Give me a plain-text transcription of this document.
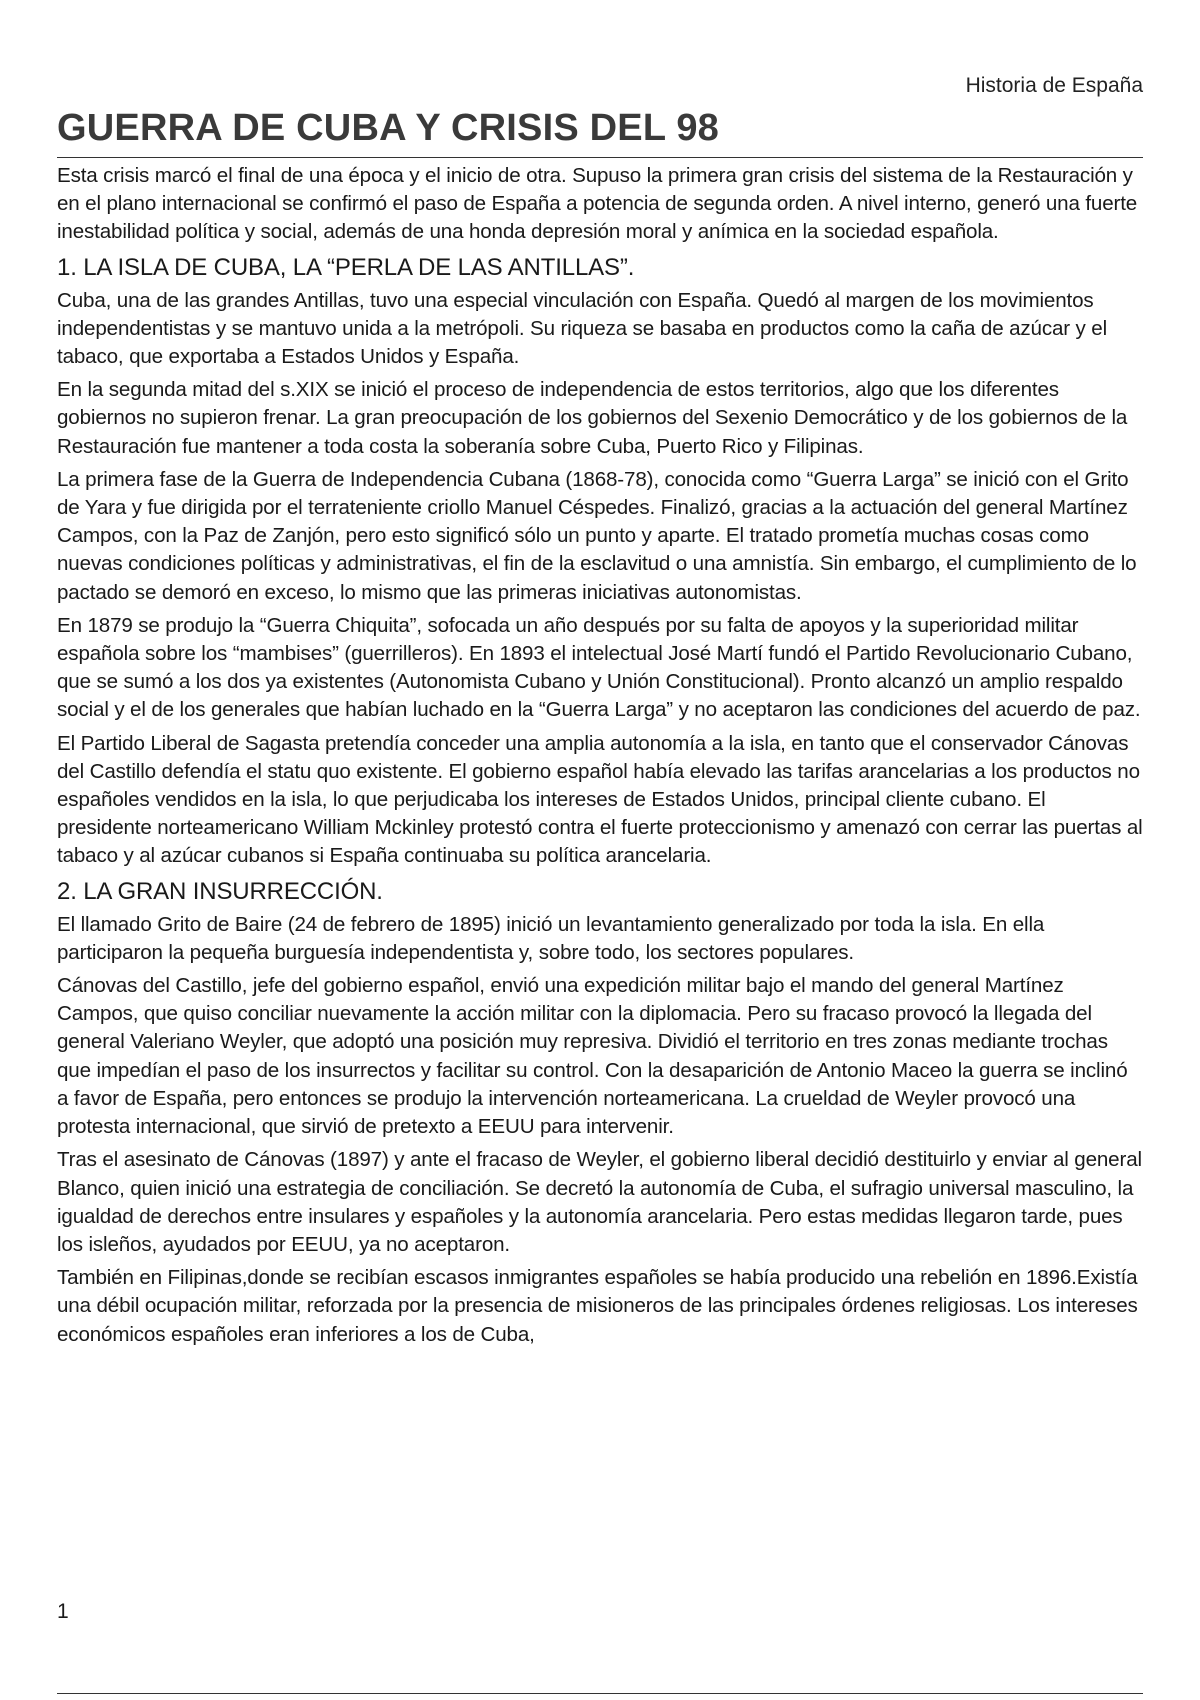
Historia de España
GUERRA DE CUBA Y CRISIS DEL 98

Esta crisis marcó el final de una época y el inicio de otra. Supuso la primera gran crisis del sistema de la Restauración y en el plano internacional se confirmó el paso de España a potencia de segunda orden. A nivel interno, generó una fuerte inestabilidad política y social, además de una honda depresión moral y anímica en la sociedad española.

1. LA ISLA DE CUBA, LA “PERLA DE LAS ANTILLAS”.

Cuba, una de las grandes Antillas, tuvo una especial vinculación con España. Quedó al margen de los movimientos independentistas y se mantuvo unida a la metrópoli. Su riqueza se basaba en productos como la caña de azúcar y el tabaco, que exportaba a Estados Unidos y España.

En la segunda mitad del s.XIX se inició el proceso de independencia de estos territorios, algo que los diferentes gobiernos no supieron frenar. La gran preocupación de los gobiernos del Sexenio Democrático y de los gobiernos de la Restauración fue mantener a toda costa la soberanía sobre Cuba, Puerto Rico y Filipinas.

La primera fase de la Guerra de Independencia Cubana (1868-78), conocida como “Guerra Larga” se inició con el Grito de Yara y fue dirigida por el terrateniente criollo Manuel Céspedes. Finalizó, gracias a la actuación del general Martínez Campos, con la Paz de Zanjón, pero esto significó sólo un punto y aparte. El tratado prometía muchas cosas como nuevas condiciones políticas y administrativas, el fin de la esclavitud o una amnistía. Sin embargo, el cumplimiento de lo pactado se demoró en exceso, lo mismo que las primeras iniciativas autonomistas.

En 1879 se produjo la “Guerra Chiquita”, sofocada un año después por su falta de apoyos y la superioridad militar española sobre los “mambises” (guerrilleros). En 1893 el intelectual José Martí fundó el Partido Revolucionario Cubano, que se sumó a los dos ya existentes (Autonomista Cubano y Unión Constitucional). Pronto alcanzó un amplio respaldo social y el de los generales que habían luchado en la “Guerra Larga” y no aceptaron las condiciones del acuerdo de paz.

El Partido Liberal de Sagasta pretendía conceder una amplia autonomía a la isla, en tanto que el conservador Cánovas del Castillo defendía el statu quo existente. El gobierno español había elevado las tarifas arancelarias a los productos no españoles vendidos en la isla, lo que perjudicaba los intereses de Estados Unidos, principal cliente cubano. El presidente norteamericano William Mckinley protestó contra el fuerte proteccionismo y amenazó con cerrar las puertas al tabaco y al azúcar cubanos si España continuaba su política arancelaria.

2. LA GRAN INSURRECCIÓN.

El llamado Grito de Baire (24 de febrero de 1895) inició un levantamiento generalizado por toda la isla. En ella participaron la pequeña burguesía independentista y, sobre todo, los sectores populares.

Cánovas del Castillo, jefe del gobierno español, envió una expedición militar bajo el mando del general Martínez Campos, que quiso conciliar nuevamente la acción militar con la diplomacia. Pero su fracaso provocó la llegada del general Valeriano Weyler, que adoptó una posición muy represiva. Dividió el territorio en tres zonas mediante trochas que impedían el paso de los insurrectos y facilitar su control. Con la desaparición de Antonio Maceo la guerra se inclinó a favor de España, pero entonces se produjo la intervención norteamericana. La crueldad de Weyler provocó una protesta internacional, que sirvió de pretexto a EEUU para intervenir.

Tras el asesinato de Cánovas (1897) y ante el fracaso de Weyler, el gobierno liberal decidió destituirlo y enviar al general Blanco, quien inició una estrategia de conciliación. Se decretó la autonomía de Cuba, el sufragio universal masculino, la igualdad de derechos entre insulares y españoles y la autonomía arancelaria. Pero estas medidas llegaron tarde, pues los isleños, ayudados por EEUU, ya no aceptaron.

También en Filipinas,donde se recibían escasos inmigrantes españoles se había producido una rebelión en 1896.Existía una débil ocupación militar, reforzada por la presencia de misioneros de las principales órdenes religiosas. Los intereses económicos españoles eran inferiores a los de Cuba,

1
